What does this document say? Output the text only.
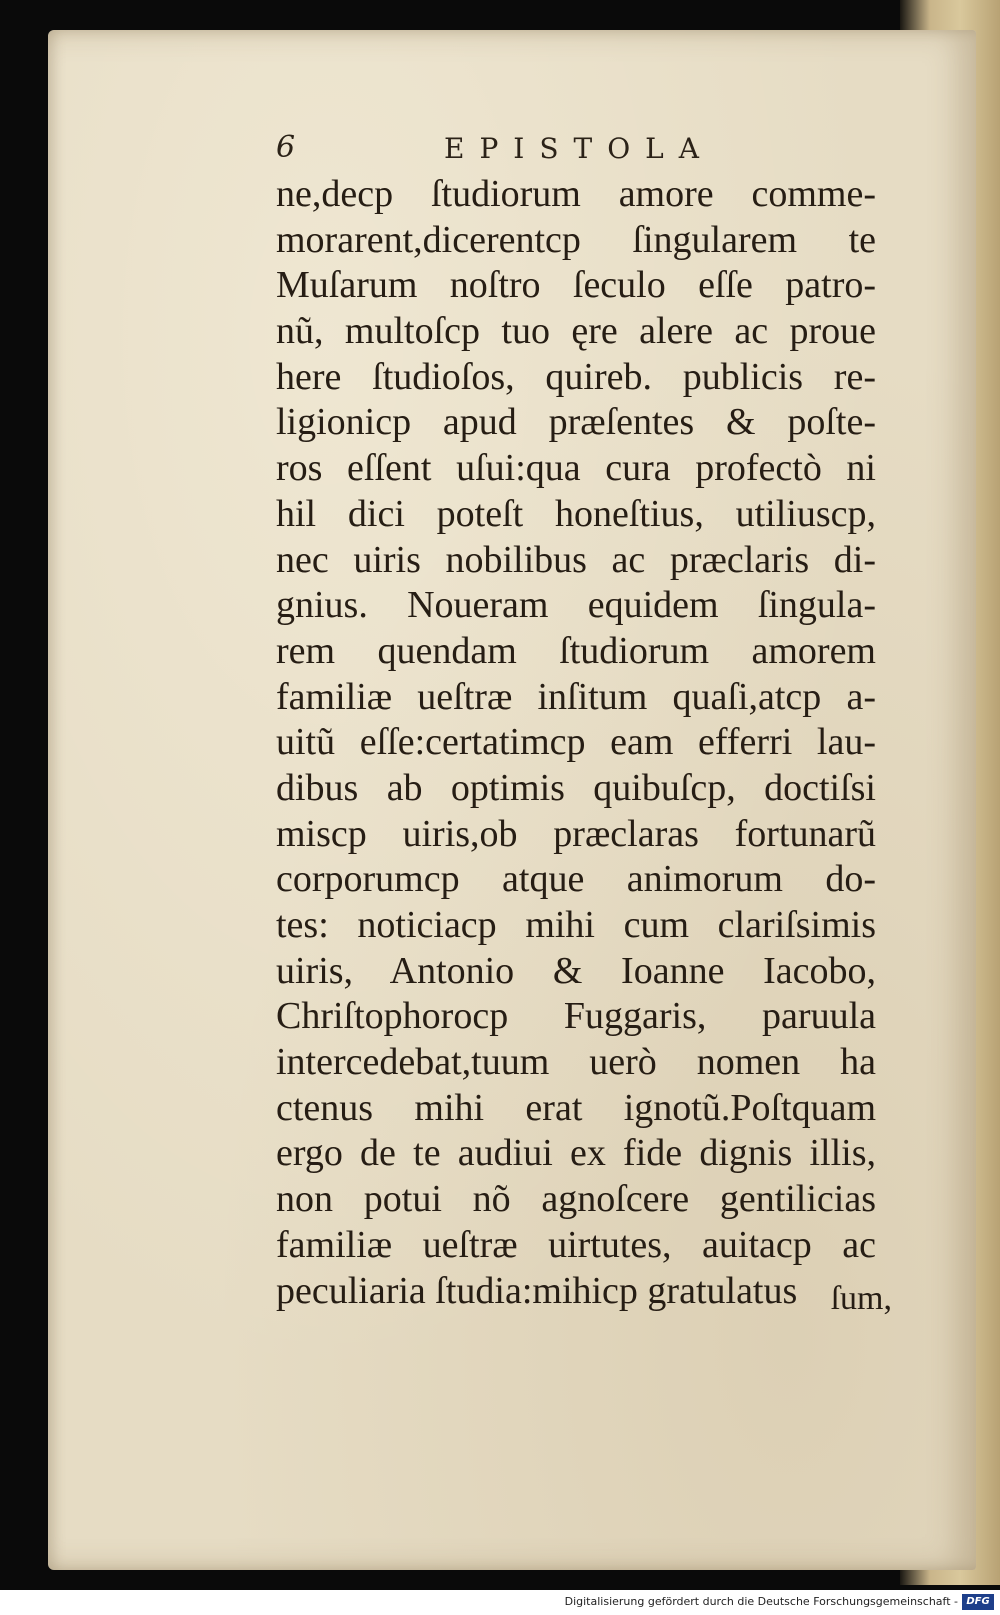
6	EPISTOLA
ne,decp ſtudiorum amore comme-
morarent,dicerentcp ſingularem te
Muſarum noſtro ſeculo eſſe patro-
nũ, multoſcp tuo ęre alere ac proue
here ſtudioſos, quireb. publicis re-
ligionicp apud præſentes & poſte-
ros eſſent uſui:qua cura profectò ni
hil dici poteſt honeſtius, utiliuscp,
nec uiris nobilibus ac præclaris di-
gnius. Noueram equidem ſingula-
rem quendam ſtudiorum amorem
familiæ ueſtræ inſitum quaſi,atcp a-
uitũ eſſe:certatimcp eam efferri lau-
dibus ab optimis quibuſcp, doctiſsi
miscp uiris,ob præclaras fortunarũ
corporumcp atque animorum do-
tes: noticiacp mihi cum clariſsimis
uiris, Antonio & Ioanne Iacobo,
Chriſtophorocp Fuggaris, paruula
intercedebat,tuum uerò nomen ha
ctenus mihi erat ignotũ.Poſtquam
ergo de te audiui ex fide dignis illis,
non potui nõ agnoſcere gentilicias
familiæ ueſtræ uirtutes, auitacp ac
peculiaria ſtudia:mihicp gratulatus ſum,
Digitalisierung gefördert durch die Deutsche Forschungsgemeinschaft - DFG
